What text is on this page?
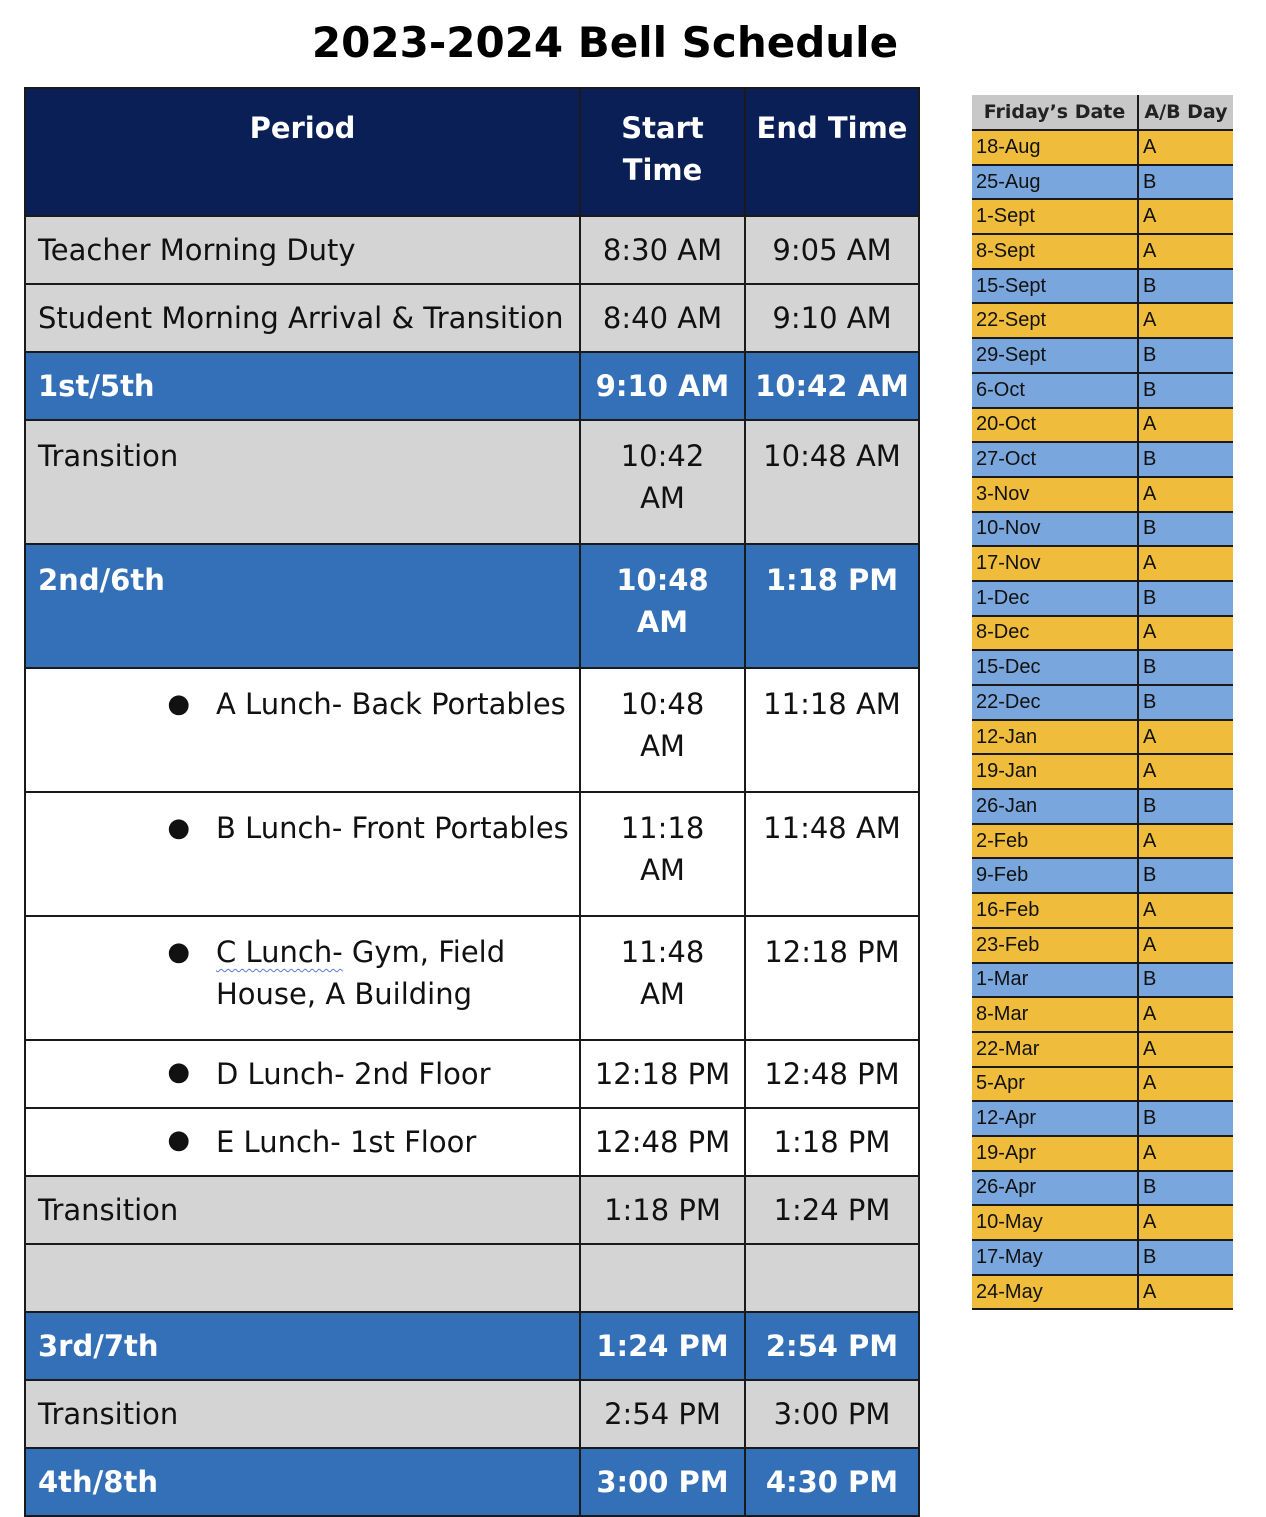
2023-2024 Bell Schedule
Period	Start Time	End Time
Teacher Morning Duty	8:30 AM	9:05 AM
Student Morning Arrival & Transition	8:40 AM	9:10 AM
1st/5th	9:10 AM	10:42 AM
Transition	10:42 AM	10:48 AM
2nd/6th	10:48 AM	1:18 PM

● A Lunch- Back Portables	10:48 AM	11:18 AM

● B Lunch- Front Portables	11:18 AM	11:48 AM

● C Lunch- Gym, Field House, A Building	11:48 AM	12:18 PM

● D Lunch- 2nd Floor	12:18 PM	12:48 PM

● E Lunch- 1st Floor	12:48 PM	1:18 PM
Transition	1:18 PM	1:24 PM

3rd/7th	1:24 PM	2:54 PM
Transition	2:54 PM	3:00 PM
4th/8th	3:00 PM	4:30 PM
Friday’s Date	A/B Day
18-Aug	A
25-Aug	B
1-Sept	A
8-Sept	A
15-Sept	B
22-Sept	A
29-Sept	B
6-Oct	B
20-Oct	A
27-Oct	B
3-Nov	A
10-Nov	B
17-Nov	A
1-Dec	B
8-Dec	A
15-Dec	B
22-Dec	B
12-Jan	A
19-Jan	A
26-Jan	B
2-Feb	A
9-Feb	B
16-Feb	A
23-Feb	A
1-Mar	B
8-Mar	A
22-Mar	A
5-Apr	A
12-Apr	B
19-Apr	A
26-Apr	B
10-May	A
17-May	B
24-May	A
